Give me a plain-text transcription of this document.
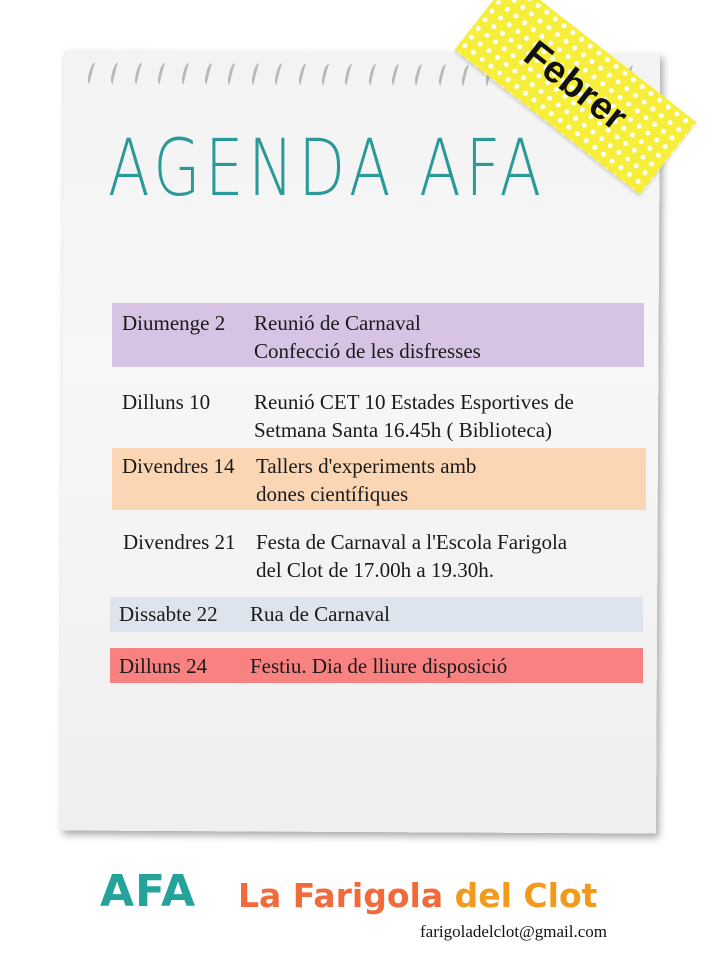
Febrer
AGENDA AFA
Diumenge 2 Reunió de Carnaval
Confecció de les disfresses
Dilluns 10 Reunió CET 10 Estades Esportives de
Setmana Santa 16.45h ( Biblioteca)
Divendres 14 Tallers d'experiments amb
dones científiques
Divendres 21 Festa de Carnaval a l'Escola Farigola
del Clot de 17.00h a 19.30h.
Dissabte 22 Rua de Carnaval
Dilluns 24 Festiu. Dia de lliure disposició
AFA La Farigola del Clot
farigoladelclot@gmail.com
